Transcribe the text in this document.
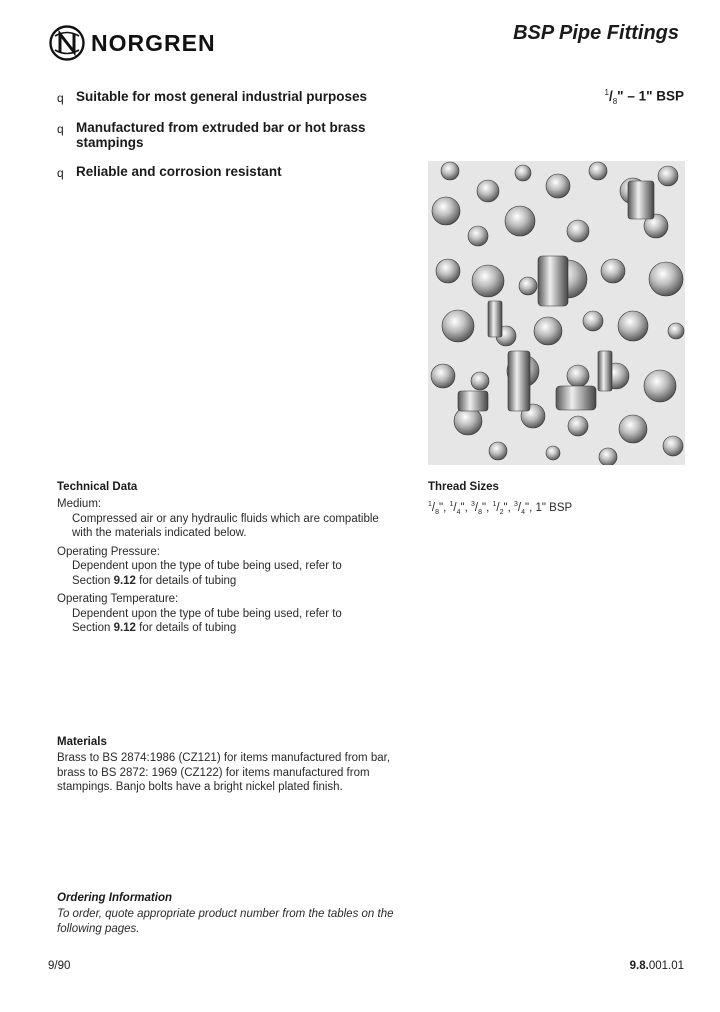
NORGREN	BSP Pipe Fittings
q Suitable for most general industrial purposes
q Manufactured from extruded bar or hot brass stampings
q Reliable and corrosion resistant
$^1/_8$" – 1" BSP
Technical Data
Medium:
Compressed air or any hydraulic fluids which are compatible with the materials indicated below.
Operating Pressure:
Dependent upon the type of tube being used, refer to
Section 9.12 for details of tubing
Operating Temperature:
Dependent upon the type of tube being used, refer to
Section 9.12 for details of tubing
Thread Sizes
$^1/_8$", $^1/_4$", $^3/_8$", $^1/_2$", $^3/_4$", 1" BSP
Materials
Brass to BS 2874:1986 (CZ121) for items manufactured from bar, brass to BS 2872: 1969 (CZ122) for items manufactured from stampings. Banjo bolts have a bright nickel plated finish.
Ordering Information
To order, quote appropriate product number from the tables on the following pages.
9/90	9.8.001.01
